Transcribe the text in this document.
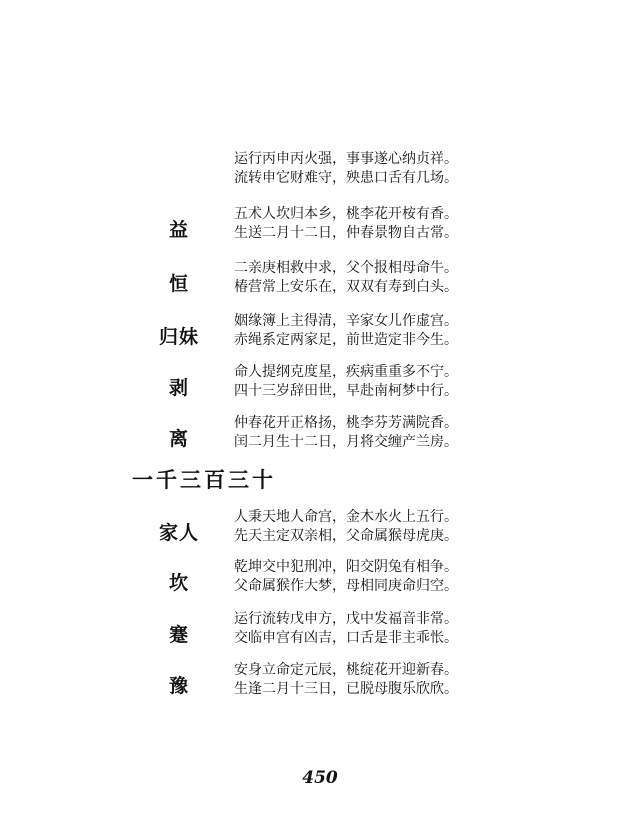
运行丙申丙火强，事事遂心纳贞祥。
流转申它财难守，殃患口舌有几场。
益
五术人坎归本乡，桃李花开桉有香。
生送二月十二日，仲春景物自古常。
恒
二亲庚相救中求，父个报相母命牛。
椿营常上安乐在，双双有寿到白头。
归妹
姻缘簿上主得清，辛家女儿作虚宫。
赤绳系定两家足，前世造定非今生。
剥
命人提纲克度星，疾病重重多不宁。
四十三岁辞田世，早赴南柯梦中行。
离
仲春花开正格扬，桃李芬芳满院香。
闰二月生十二日，月将交缠产兰房。
一千三百三十
家人
人秉天地人命宫，金木水火上五行。
先天主定双亲相，父命属猴母虎庚。
坎
乾坤交中犯刑冲，阳交阴兔有相争。
父命属猴作大梦，母相同庚命归空。
蹇
运行流转戊申方，戊中发福音非常。
交临申宫有凶吉，口舌是非主乖怅。
豫
安身立命定元辰，桃绽花开迎新春。
生逢二月十三日，已脱母腹乐欣欣。
450
